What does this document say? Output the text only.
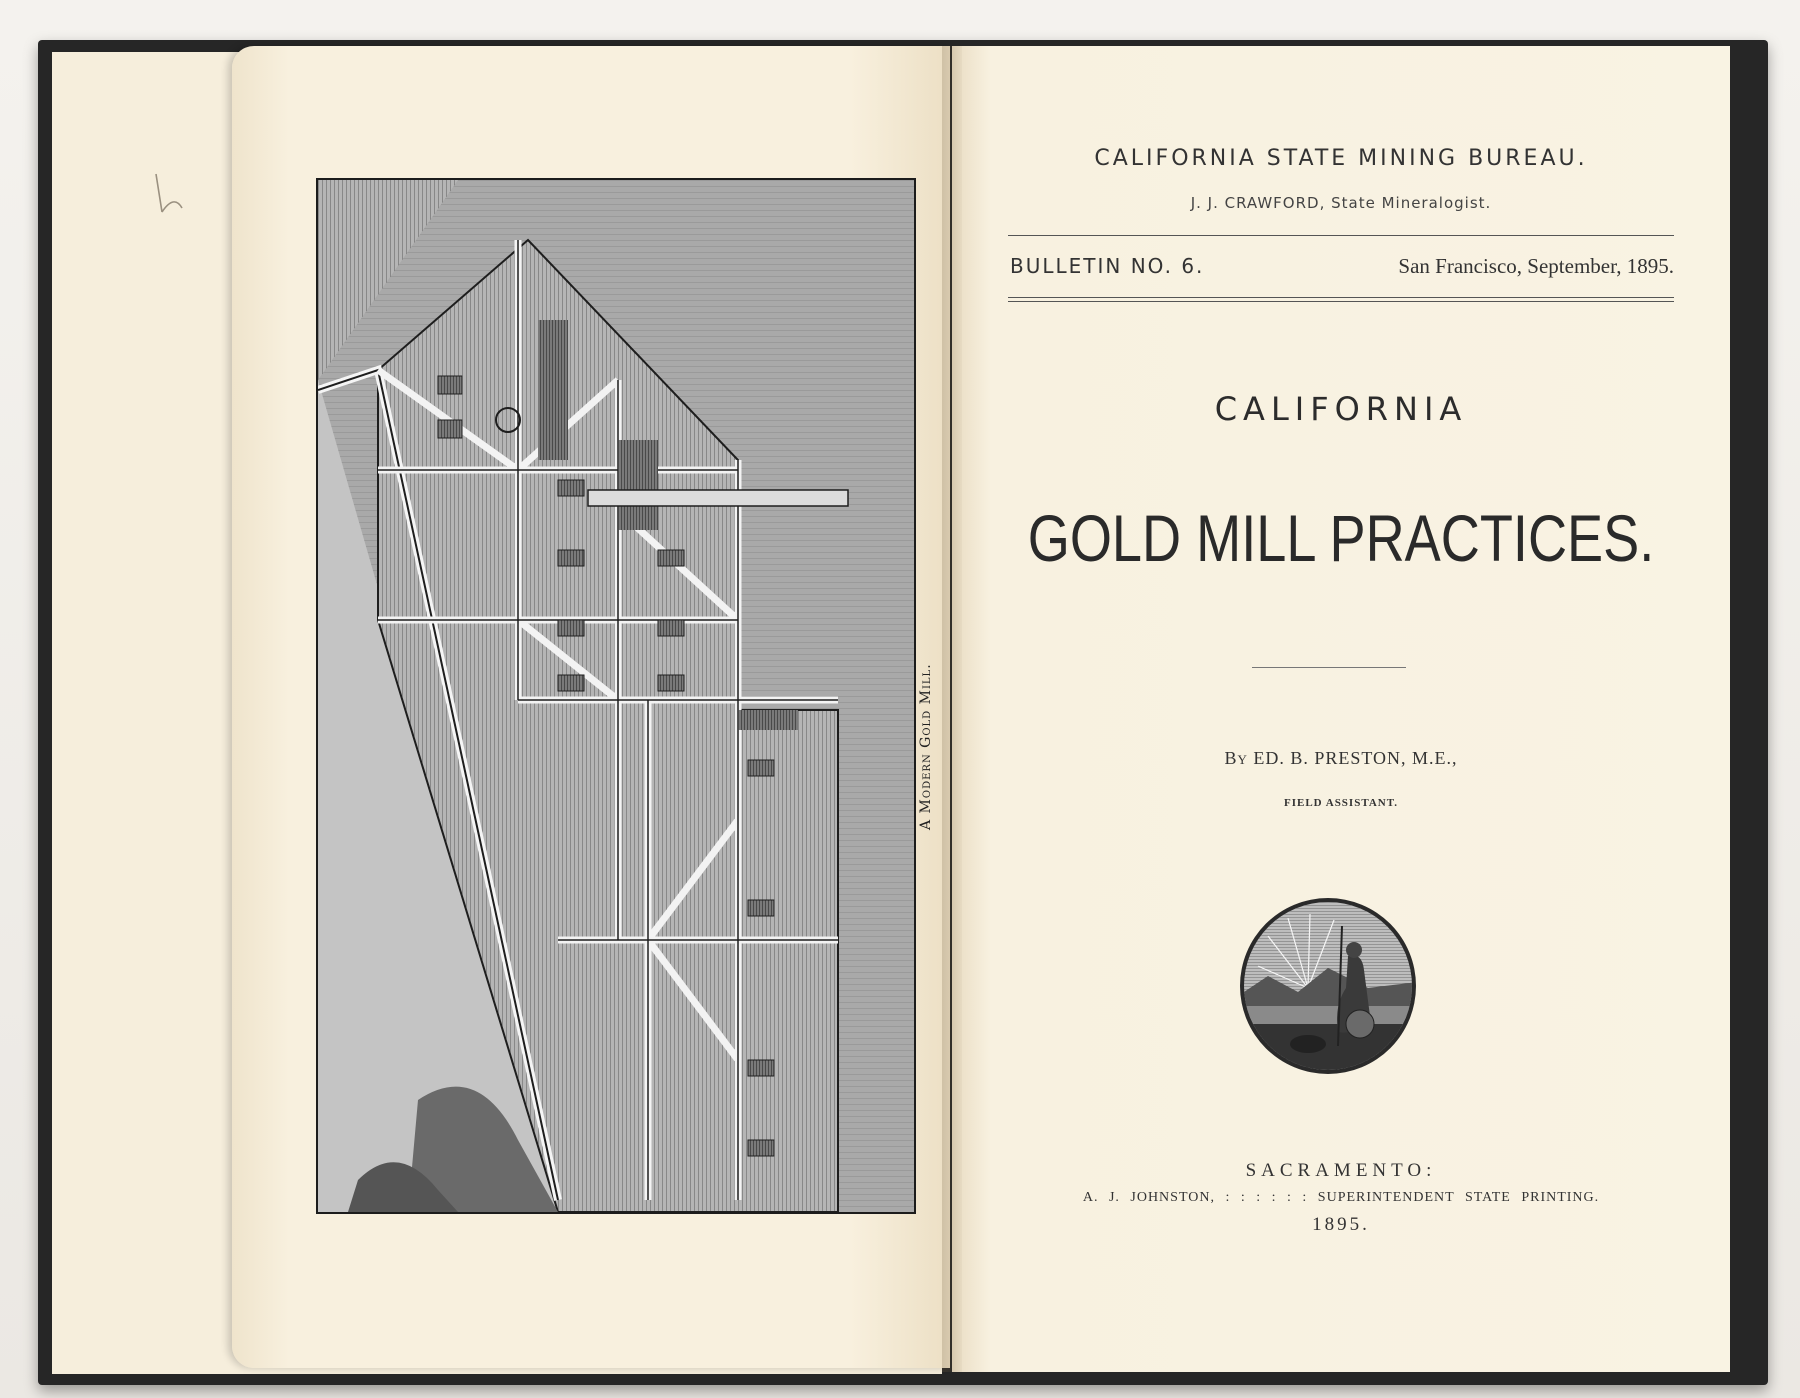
A Modern Gold Mill.
CALIFORNIA STATE MINING BUREAU.
J. J. CRAWFORD, State Mineralogist.
BULLETIN NO. 6.	San Francisco, September, 1895.
CALIFORNIA
GOLD MILL PRACTICES.
By ED. B. PRESTON, M.E.,
FIELD ASSISTANT.
SACRAMENTO:
A. J. JOHNSTON, : : : : : : SUPERINTENDENT STATE PRINTING.
1895.
